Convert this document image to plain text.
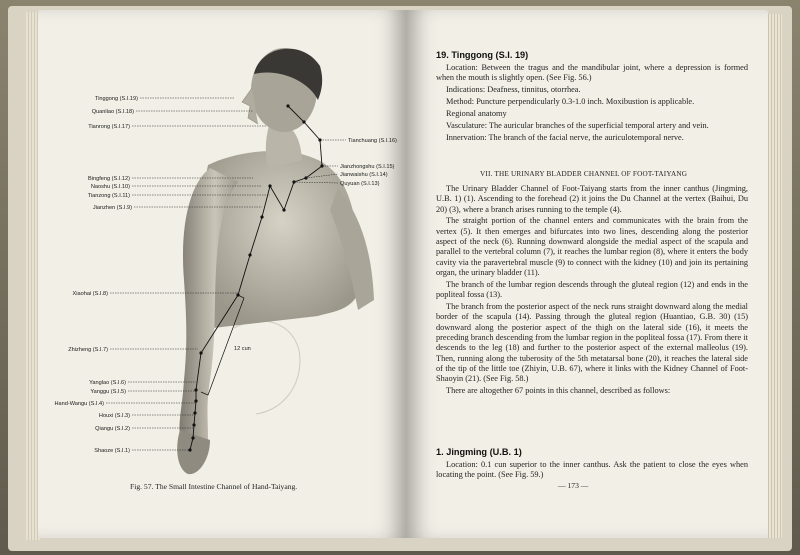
12 cun
Tinggong (S.I.19)
Quanliao (S.I.18)
Tianrong (S.I.17)
Bingfeng (S.I.12)
Naoshu (S.I.10)
Tianzong (S.I.11)
Jianzhen (S.I.9)
Xiaohai (S.I.8)
Zhizheng (S.I.7)
Yanglao (S.I.6)
Yanggu (S.I.5)
Hand-Wangu (S.I.4)
Houxi (S.I.3)
Qiangu (S.I.2)
Shaoze (S.I.1)
Tianchuang (S.I.16)
Jianzhongshu (S.I.15)
Jianwaishu (S.I.14)
Quyuan (S.I.13)
Fig. 57. The Small Intestine Channel of Hand-Taiyang.
19. Tinggong (S.I. 19)

Location: Between the tragus and the mandibular joint, where a depression is formed when the mouth is slightly open. (See Fig. 56.)

Indications: Deafness, tinnitus, otorrhea.

Method: Puncture perpendicularly 0.3-1.0 inch. Moxibustion is applicable.

Regional anatomy

Vasculature: The auricular branches of the superficial temporal artery and vein.

Innervation: The branch of the facial nerve, the auriculotemporal nerve.

VII. THE URINARY BLADDER CHANNEL OF FOOT-TAIYANG

The Urinary Bladder Channel of Foot-Taiyang starts from the inner canthus (Jingming, U.B. 1) (1). Ascending to the forehead (2) it joins the Du Channel at the vertex (Baihui, Du 20) (3), where a branch arises running to the temple (4).

The straight portion of the channel enters and communicates with the brain from the vertex (5). It then emerges and bifurcates into two lines, descending along the posterior aspect of the neck (6). Running downward alongside the medial aspect of the scapula and parallel to the vertebral column (7), it reaches the lumbar region (8), where it enters the body cavity via the paravertebral muscle (9) to connect with the kidney (10) and join its pertaining organ, the urinary bladder (11).

The branch of the lumbar region descends through the gluteal region (12) and ends in the popliteal fossa (13).

The branch from the posterior aspect of the neck runs straight downward along the medial border of the scapula (14). Passing through the gluteal region (Huantiao, G.B. 30) (15) downward along the posterior aspect of the thigh on the lateral side (16), it meets the preceding branch descending from the lumbar region in the popliteal fossa (17). From there it descends to the leg (18) and further to the posterior aspect of the external malleolus (19). Then, running along the tuberosity of the 5th metatarsal bone (20), it reaches the lateral side of the tip of the little toe (Zhiyin, U.B. 67), where it links with the Kidney Channel of Foot-Shaoyin (21). (See Fig. 58.)

There are altogether 67 points in this channel, described as follows:

1. Jingming (U.B. 1)

Location: 0.1 cun superior to the inner canthus. Ask the patient to close the eyes when locating the point. (See Fig. 59.)

— 173 —
